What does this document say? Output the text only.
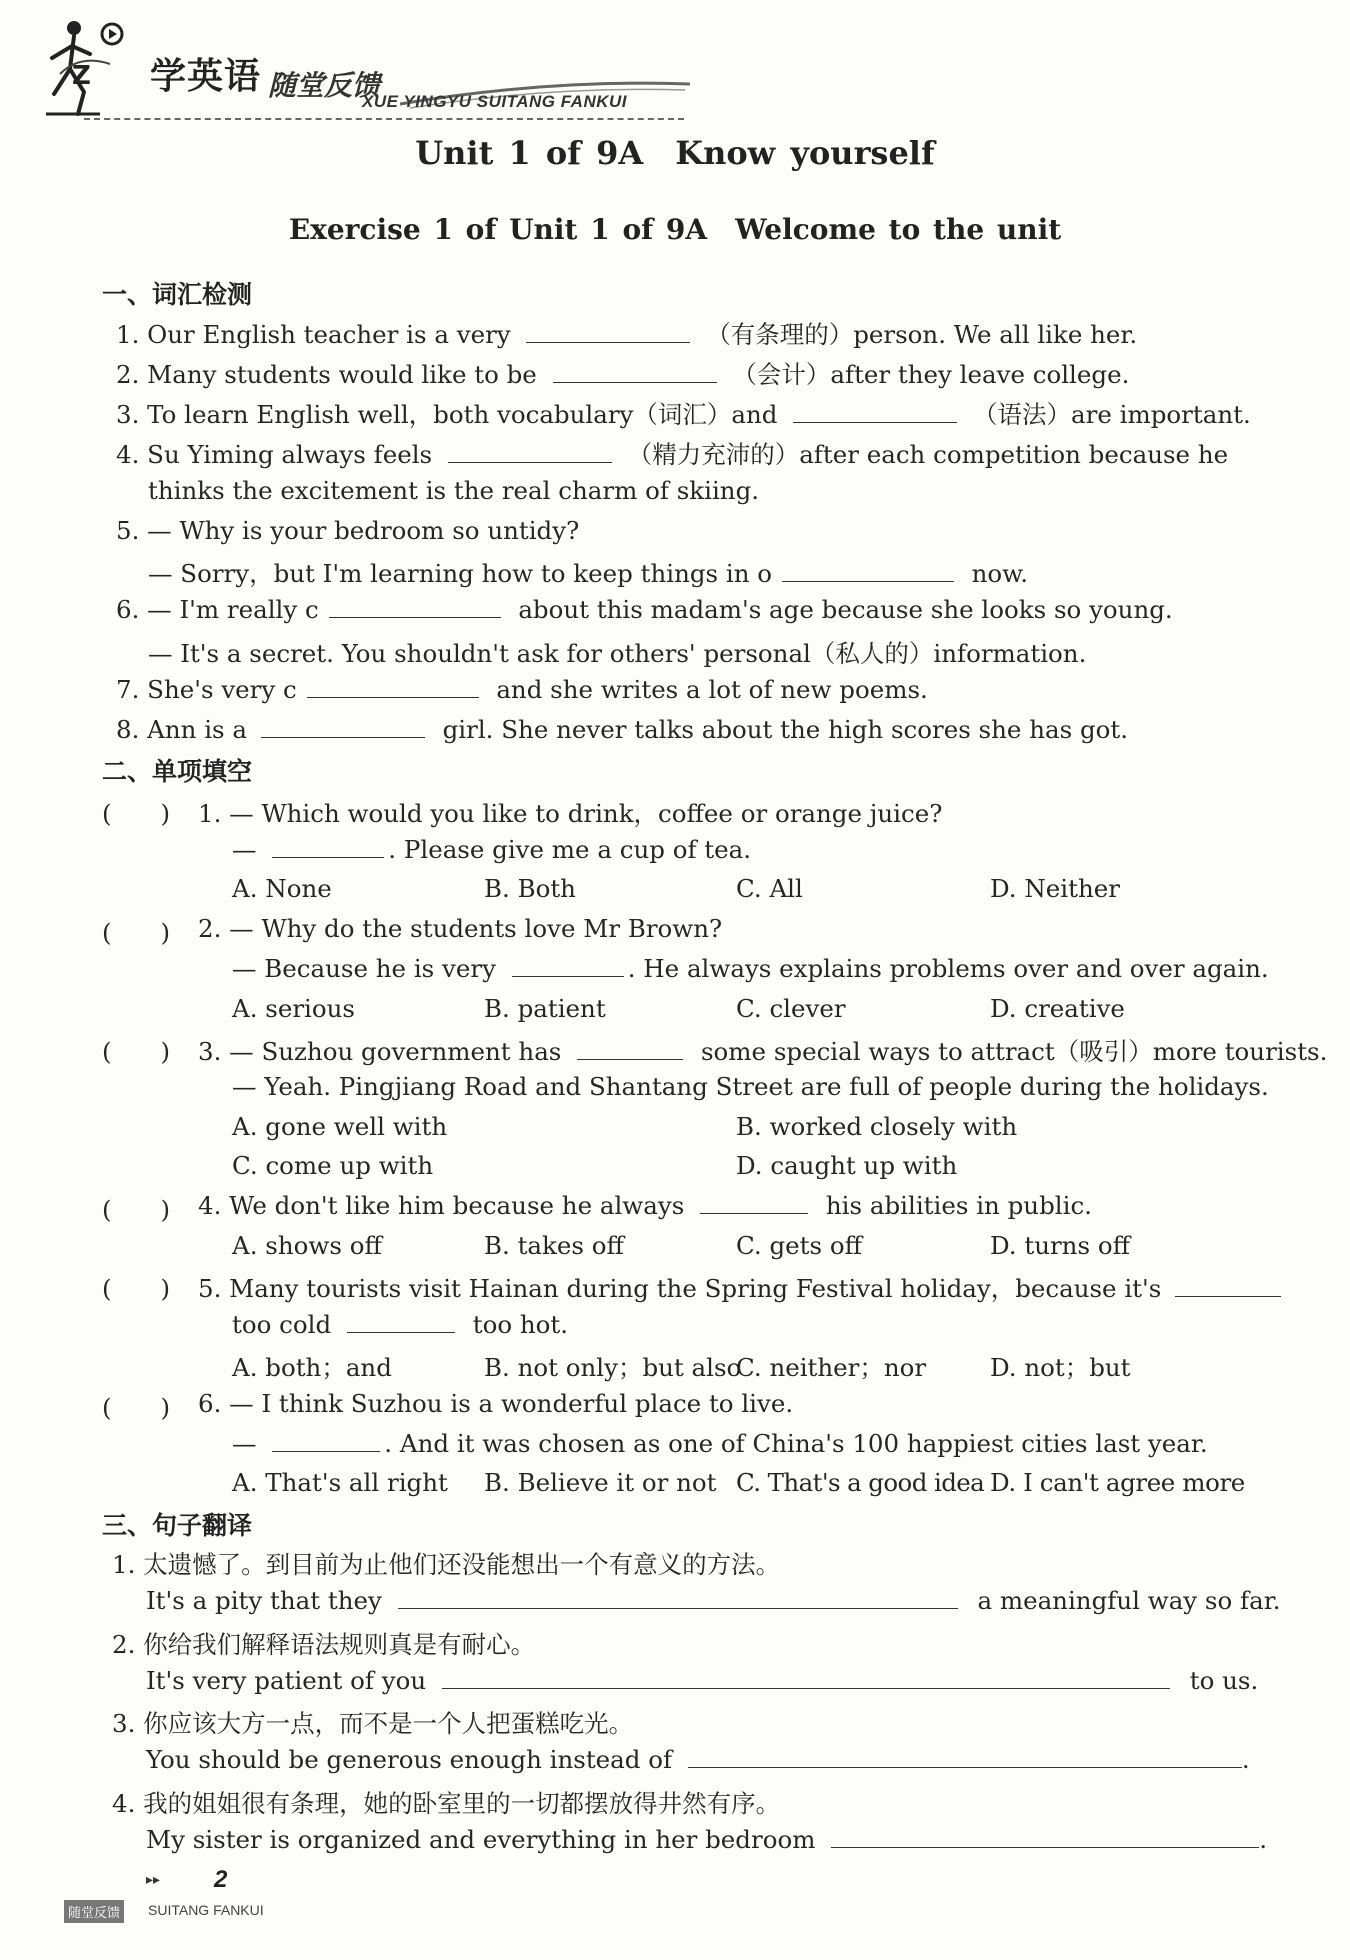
Z 学英语 随堂反馈
XUE YINGYU SUITANG FANKUI
Unit 1 of 9A　Know yourself
Exercise 1 of Unit 1 of 9A　Welcome to the unit
一、词汇检测
1. Our English teacher is a very	（有条理的）person. We all like her.
2. Many students would like to be	（会计）after they leave college.
3. To learn English well，both vocabulary（词汇）and	（语法）are important.
4. Su Yiming always feels	（精力充沛的）after each competition because he
thinks the excitement is the real charm of skiing.
5. — Why is your bedroom so untidy?
— Sorry，but I'm learning how to keep things in o	now.
6. — I'm really c	about this madam's age because she looks so young.
— It's a secret. You shouldn't ask for others' personal（私人的）information.
7. She's very c	and she writes a lot of new poems.
8. Ann is a	girl. She never talks about the high scores she has got.
二、单项填空
(　　) 1. — Which would you like to drink，coffee or orange juice?
—	. Please give me a cup of tea.
A. None	B. Both	C. All	D. Neither
(　　) 2. — Why do the students love Mr Brown?
— Because he is very	. He always explains problems over and over again.
A. serious	B. patient	C. clever	D. creative
(　　) 3. — Suzhou government has	some special ways to attract（吸引）more tourists.
— Yeah. Pingjiang Road and Shantang Street are full of people during the holidays.
A. gone well with	B. worked closely with
C. come up with	D. caught up with
(　　) 4. We don't like him because he always	his abilities in public.
A. shows off	B. takes off	C. gets off	D. turns off
(　　) 5. Many tourists visit Hainan during the Spring Festival holiday，because it's
too cold	too hot.
A. both；and	B. not only；but also
C. neither；nor	D. not；but
(　　) 6. — I think Suzhou is a wonderful place to live.
—	. And it was chosen as one of China's 100 happiest cities last year.
A. That's all right B. Believe it or not C. That's a good idea D. I can't agree more
三、句子翻译
1. 太遗憾了。到目前为止他们还没能想出一个有意义的方法。
It's a pity that they	a meaningful way so far.
2. 你给我们解释语法规则真是有耐心。
It's very patient of you	to us.
3. 你应该大方一点，而不是一个人把蛋糕吃光。
You should be generous enough instead of	.
4. 我的姐姐很有条理，她的卧室里的一切都摆放得井然有序。
My sister is organized and everything in her bedroom	.
▸▸ 2
随堂反馈 SUITANG FANKUI
